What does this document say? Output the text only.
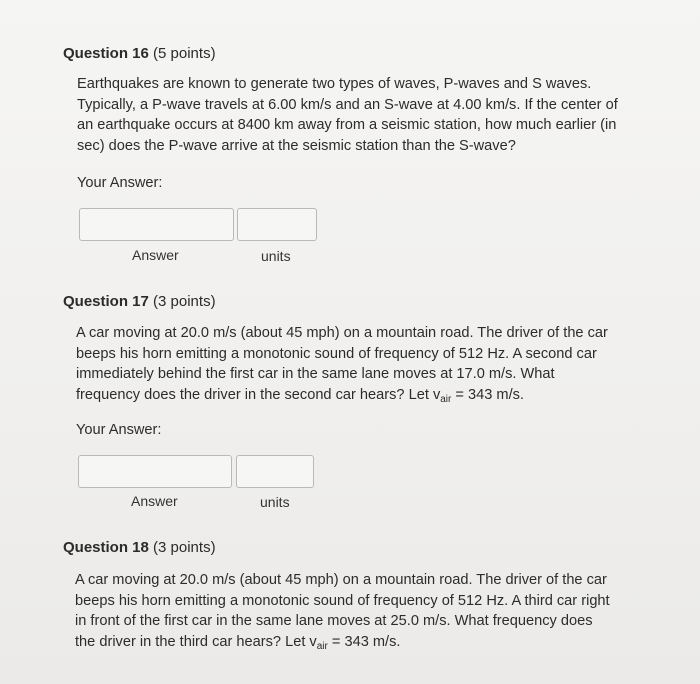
Question 16 (5 points)
Earthquakes are known to generate two types of waves, P-waves and S waves.
Typically, a P-wave travels at 6.00 km/s and an S-wave at 4.00 km/s. If the center of
an earthquake occurs at 8400 km away from a seismic station, how much earlier (in
sec) does the P-wave arrive at the seismic station than the S-wave?
Your Answer:
Answer	units
Question 17 (3 points)
A car moving at 20.0 m/s (about 45 mph) on a mountain road. The driver of the car
beeps his horn emitting a monotonic sound of frequency of 512 Hz. A second car
immediately behind the first car in the same lane moves at 17.0 m/s. What
frequency does the driver in the second car hears? Let $v_{air} = 343$ m/s.
Your Answer:
Answer	units
Question 18 (3 points)
A car moving at 20.0 m/s (about 45 mph) on a mountain road. The driver of the car
beeps his horn emitting a monotonic sound of frequency of 512 Hz. A third car right
in front of the first car in the same lane moves at 25.0 m/s. What frequency does
the driver in the third car hears? Let $v_{air} = 343$ m/s.
